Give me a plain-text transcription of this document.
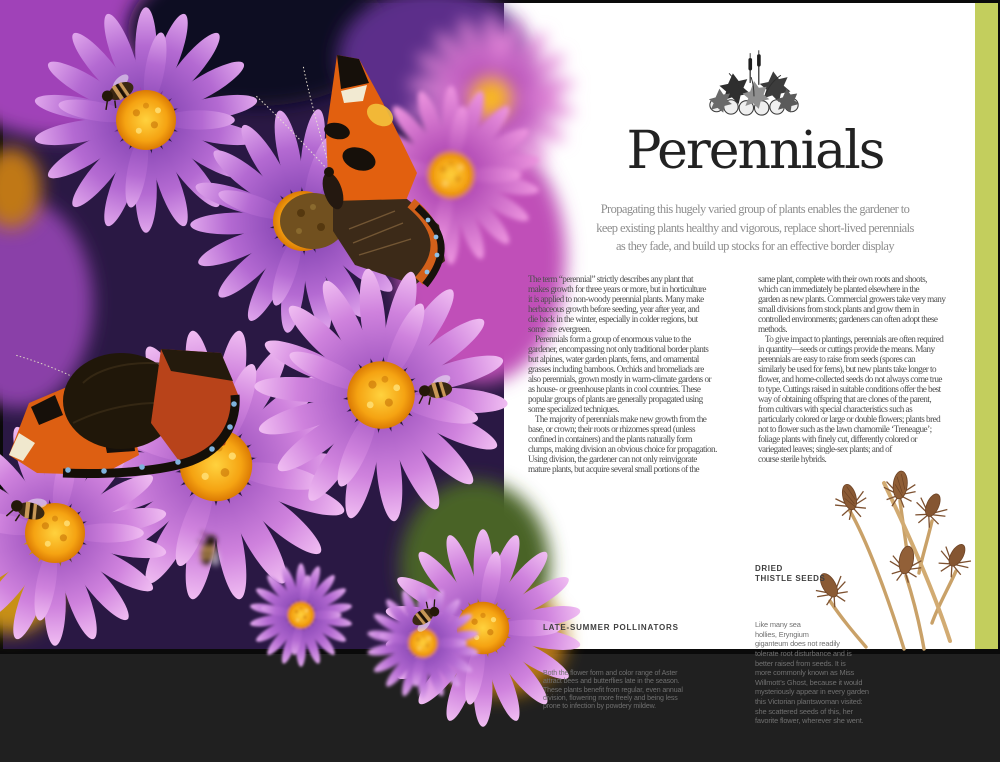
Perennials
Propagating this hugely varied group of plants enables the gardener to
keep existing plants healthy and vigorous, replace short-lived perennials
as they fade, and build up stocks for an effective border display
The term “perennial” strictly describes any plant that
makes growth for three years or more, but in horticulture
it is applied to non-woody perennial plants. Many make
herbaceous growth before seeding, year after year, and
die back in the winter, especially in colder regions, but
some are evergreen.
Perennials form a group of enormous value to the
gardener, encompassing not only traditional border plants
but alpines, water garden plants, ferns, and ornamental
grasses including bamboos. Orchids and bromeliads are
also perennials, grown mostly in warm-climate gardens or
as house- or greenhouse plants in cool countries. These
popular groups of plants are generally propagated using
some specialized techniques.
The majority of perennials make new growth from the
base, or crown; their roots or rhizomes spread (unless
confined in containers) and the plants naturally form
clumps, making division an obvious choice for propagation.
Using division, the gardener can not only reinvigorate
mature plants, but acquire several small portions of the
same plant, complete with their own roots and shoots,
which can immediately be planted elsewhere in the
garden as new plants. Commercial growers take very many
small divisions from stock plants and grow them in
controlled environments; gardeners can often adopt these
methods.
To give impact to plantings, perennials are often required
in quantity—seeds or cuttings provide the means. Many
perennials are easy to raise from seeds (spores can
similarly be used for ferns), but new plants take longer to
flower, and home-collected seeds do not always come true
to type. Cuttings raised in suitable conditions offer the best
way of obtaining offspring that are clones of the parent,
from cultivars with special characteristics such as
particularly colored or large or double flowers; plants bred
not to flower such as the lawn chamomile ‘Treneague’;
foliage plants with finely cut, differently colored or
variegated leaves; single-sex plants; and of
course sterile hybrids.

LATE-SUMMER POLLINATORS

Both the flower form and color range of Aster
attract bees and butterflies late in the season.
These plants benefit from regular, even annual
division, flowering more freely and being less
prone to infection by powdery mildew.

DRIED
THISTLE SEEDS

Like many sea
hollies, Eryngium
giganteum does not readily
tolerate root disturbance and is
better raised from seeds. It is
more commonly known as Miss
Willmott’s Ghost, because it would
mysteriously appear in every garden
this Victorian plantswoman visited:
she scattered seeds of this, her
favorite flower, wherever she went.
